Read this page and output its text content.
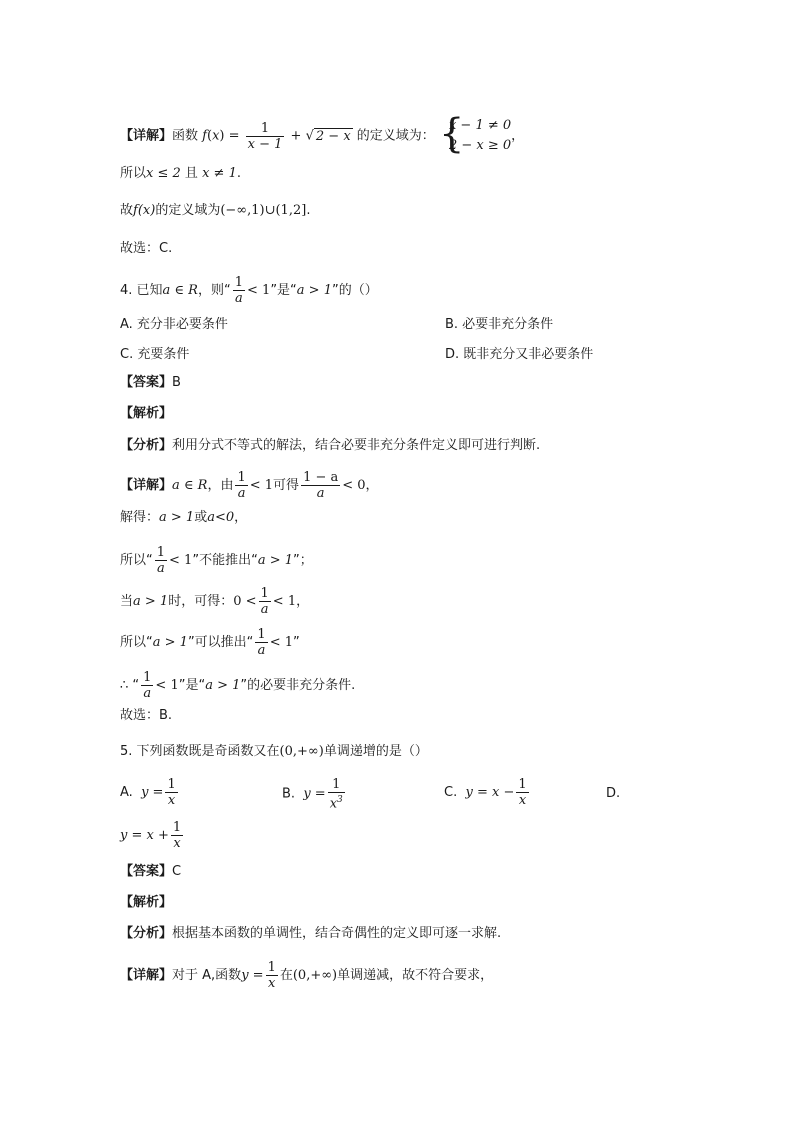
【详解】函数 $f(x) = \frac{1}{x - 1}$ + √ 2 − x 的定义域为： {
x − 1 ≠ 0
2 − x ≥ 0
，
所以x ≤ 2 且 x ≠ 1.
故f(x)的定义域为(−∞,1)∪(1,2].
故选：C.
4. 已知a ∈ R，则“ $\frac{1}{a} < 1$”是“a > 1”的（）
A. 充分非必要条件	B. 必要非充分条件
C. 充要条件	D. 既非充分又非必要条件
【答案】B
【解析】
【分析】利用分式不等式的解法，结合必要非充分条件定义即可进行判断.
【详解】a ∈ R，由 $\frac{1}{a} < 1$可得 $\frac{1 - a}{a} < 0$，
解得：a > 1或a<0，
所以“ $\frac{1}{a} < 1$”不能推出“a > 1”；
当a > 1时，可得：$0 < \frac{1}{a} < 1$，
所以“a > 1”可以推出“ $\frac{1}{a} < 1$”
∴ “ $\frac{1}{a} < 1$”是“a > 1”的必要非充分条件.
故选：B.
5. 下列函数既是奇函数又在(0,+∞)单调递增的是（）
A. $y = \frac{1}{x}$	B. $y = \frac{1}{x^3}$	C. $y = x - \frac{1}{x}$	D.
$y = x + \frac{1}{x}$
【答案】C
【解析】
【分析】根据基本函数的单调性，结合奇偶性的定义即可逐一求解.
【详解】对于 A,函数$y = \frac{1}{x}$ 在(0,+∞)单调递减，故不符合要求，
